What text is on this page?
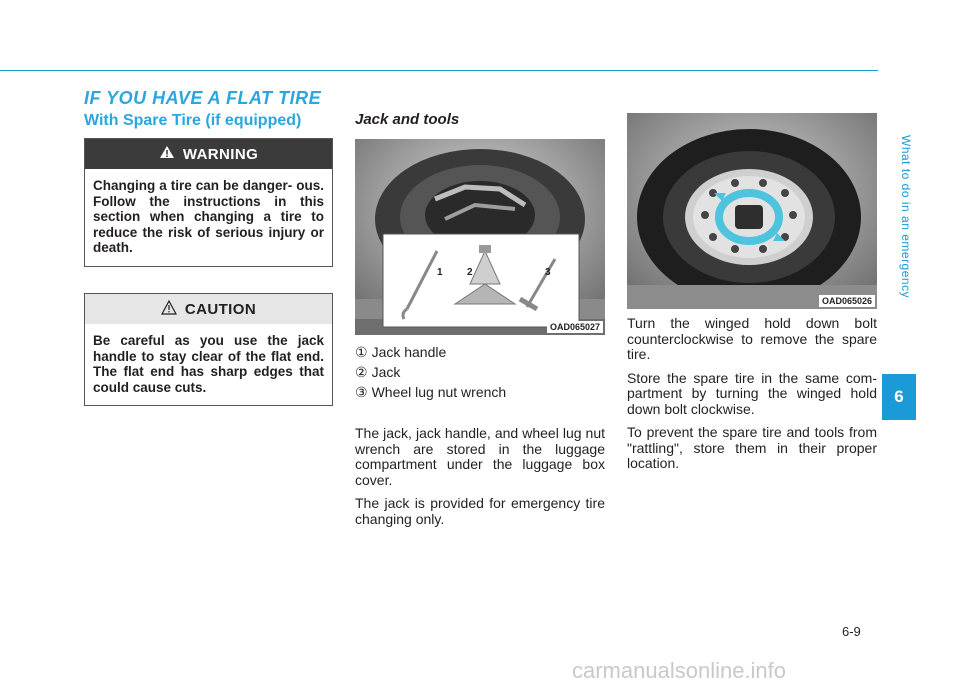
IF YOU HAVE A FLAT TIRE
With Spare Tire (if equipped)
WARNING
Changing a tire can be danger- ous. Follow the instructions in this section when changing a tire to reduce the risk of serious injury or death.
CAUTION
Be careful as you use the jack handle to stay clear of the flat end. The flat end has sharp edges that could cause cuts.
Jack and tools
1 2	3
OAD065027
① Jack handle
② Jack
③ Wheel lug nut wrench

The jack, jack handle, and wheel lug nut wrench are stored in the luggage compartment under the luggage box cover.

The jack is provided for emergency tire changing only.

OAD065026

Turn the winged hold down bolt counterclockwise to remove the spare tire.

Store the spare tire in the same com- partment by turning the winged hold down bolt clockwise.

To prevent the spare tire and tools from "rattling", store them in their proper location.

What to do in an emergency
6
6-9
carmanualsonline.info
